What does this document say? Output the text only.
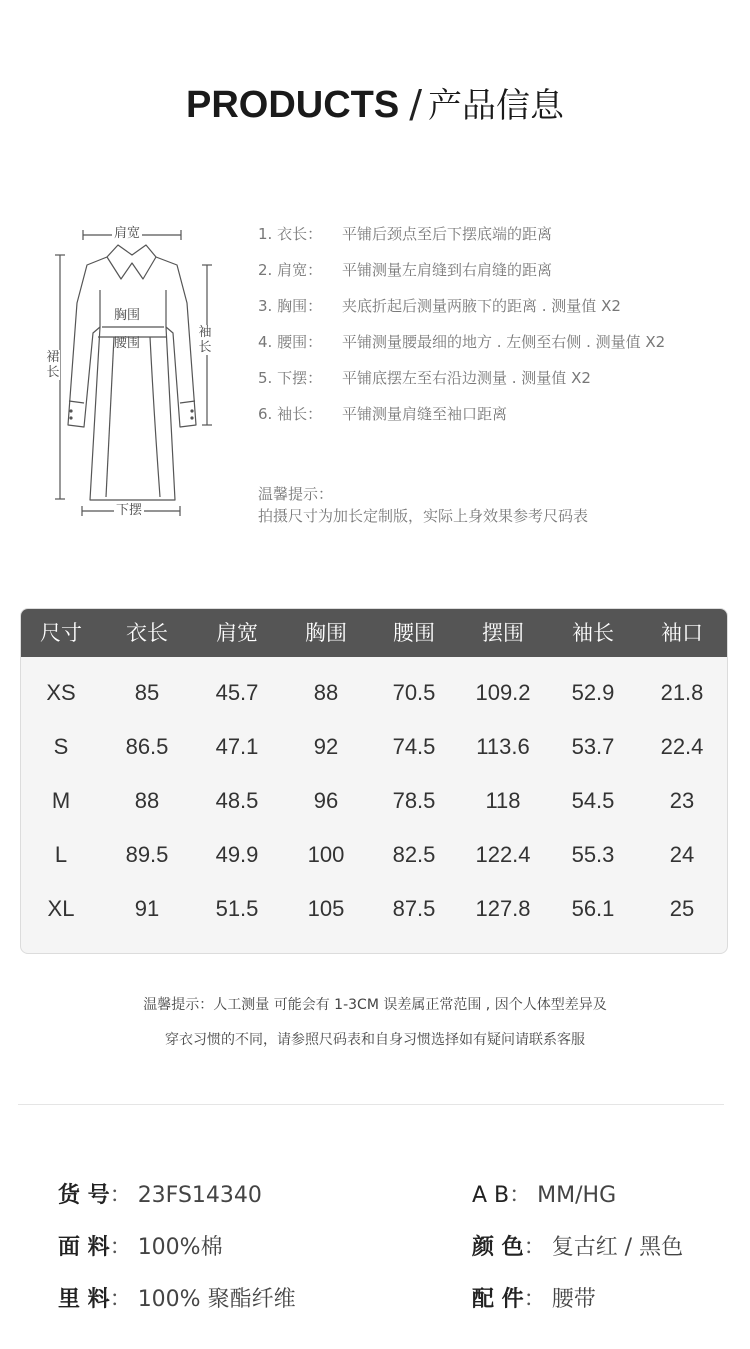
PRODUCTS / 产品信息
肩宽
胸围
腰围
袖长
裙长
下摆
1. 衣长： 平铺后颈点至后下摆底端的距离
2. 肩宽： 平铺测量左肩缝到右肩缝的距离
3. 胸围： 夹底折起后测量两腋下的距离 . 测量值 X2
4. 腰围： 平铺测量腰最细的地方 . 左侧至右侧 . 测量值 X2
5. 下摆： 平铺底摆左至右沿边测量 . 测量值 X2
6. 袖长： 平铺测量肩缝至袖口距离
温馨提示：
拍摄尺寸为加长定制版，实际上身效果参考尺码表
尺寸	衣长	肩宽	胸围	腰围	摆围	袖长	袖口
XS	85	45.7	88	70.5	109.2	52.9	21.8
S	86.5	47.1	92	74.5	113.6	53.7	22.4
M	88	48.5	96	78.5	118	54.5	23
L	89.5	49.9	100	82.5	122.4	55.3	24
XL	91	51.5	105	87.5	127.8	56.1	25
温馨提示：人工测量 可能会有 1-3CM 误差属正常范围 , 因个人体型差异及
穿衣习惯的不同，请参照尺码表和自身习惯选择如有疑问请联系客服
货 号： 23FS14340
面 料： 100%棉
里 料： 100% 聚酯纤维
A B： MM/HG
颜 色： 复古红 / 黑色
配 件： 腰带
